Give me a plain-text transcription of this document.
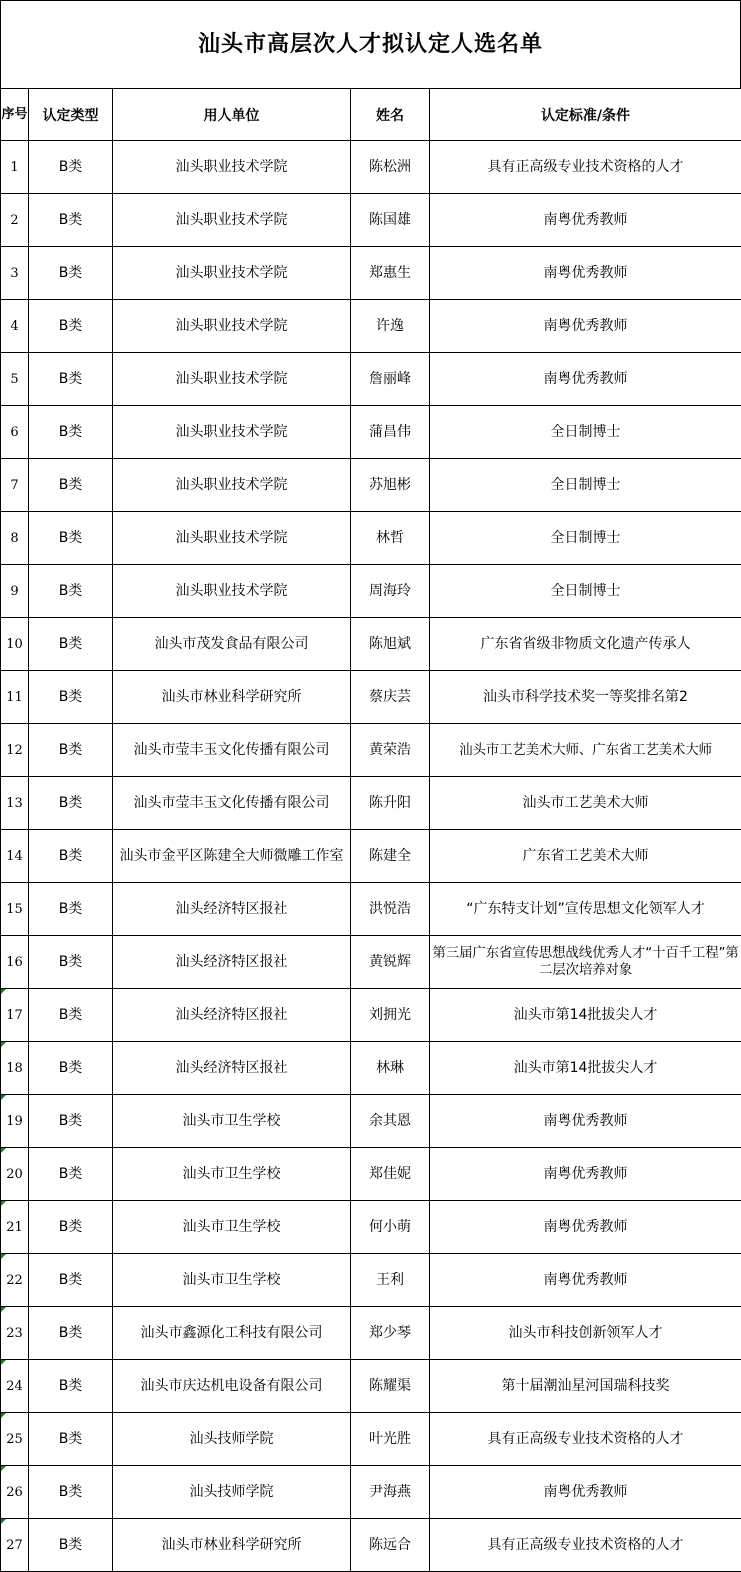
汕头市高层次人才拟认定人选名单
序号	认定类型	用人单位	姓名	认定标准/条件
1	B类	汕头职业技术学院	陈松洲	具有正高级专业技术资格的人才
2	B类	汕头职业技术学院	陈国雄	南粤优秀教师
3	B类	汕头职业技术学院	郑惠生	南粤优秀教师
4	B类	汕头职业技术学院	许逸	南粤优秀教师
5	B类	汕头职业技术学院	詹丽峰	南粤优秀教师
6	B类	汕头职业技术学院	蒲昌伟	全日制博士
7	B类	汕头职业技术学院	苏旭彬	全日制博士
8	B类	汕头职业技术学院	林哲	全日制博士
9	B类	汕头职业技术学院	周海玲	全日制博士
10	B类	汕头市茂发食品有限公司	陈旭斌	广东省省级非物质文化遗产传承人
11	B类	汕头市林业科学研究所	蔡庆芸	汕头市科学技术奖一等奖排名第2
12	B类	汕头市莹丰玉文化传播有限公司	黄荣浩	汕头市工艺美术大师、广东省工艺美术大师
13	B类	汕头市莹丰玉文化传播有限公司	陈升阳	汕头市工艺美术大师
14	B类	汕头市金平区陈建全大师微雕工作室	陈建全	广东省工艺美术大师
15	B类	汕头经济特区报社	洪悦浩	“广东特支计划”宣传思想文化领军人才
16	B类	汕头经济特区报社	黄锐辉	第三届广东省宣传思想战线优秀人才“十百千工程”第二层次培养对象
17	B类	汕头经济特区报社	刘拥光	汕头市第14批拔尖人才
18	B类	汕头经济特区报社	林琳	汕头市第14批拔尖人才
19	B类	汕头市卫生学校	余其恩	南粤优秀教师
20	B类	汕头市卫生学校	郑佳妮	南粤优秀教师
21	B类	汕头市卫生学校	何小萌	南粤优秀教师
22	B类	汕头市卫生学校	王利	南粤优秀教师
23	B类	汕头市鑫源化工科技有限公司	郑少琴	汕头市科技创新领军人才
24	B类	汕头市庆达机电设备有限公司	陈耀渠	第十届潮汕星河国瑞科技奖
25	B类	汕头技师学院	叶光胜	具有正高级专业技术资格的人才
26	B类	汕头技师学院	尹海燕	南粤优秀教师
27	B类	汕头市林业科学研究所	陈远合	具有正高级专业技术资格的人才
